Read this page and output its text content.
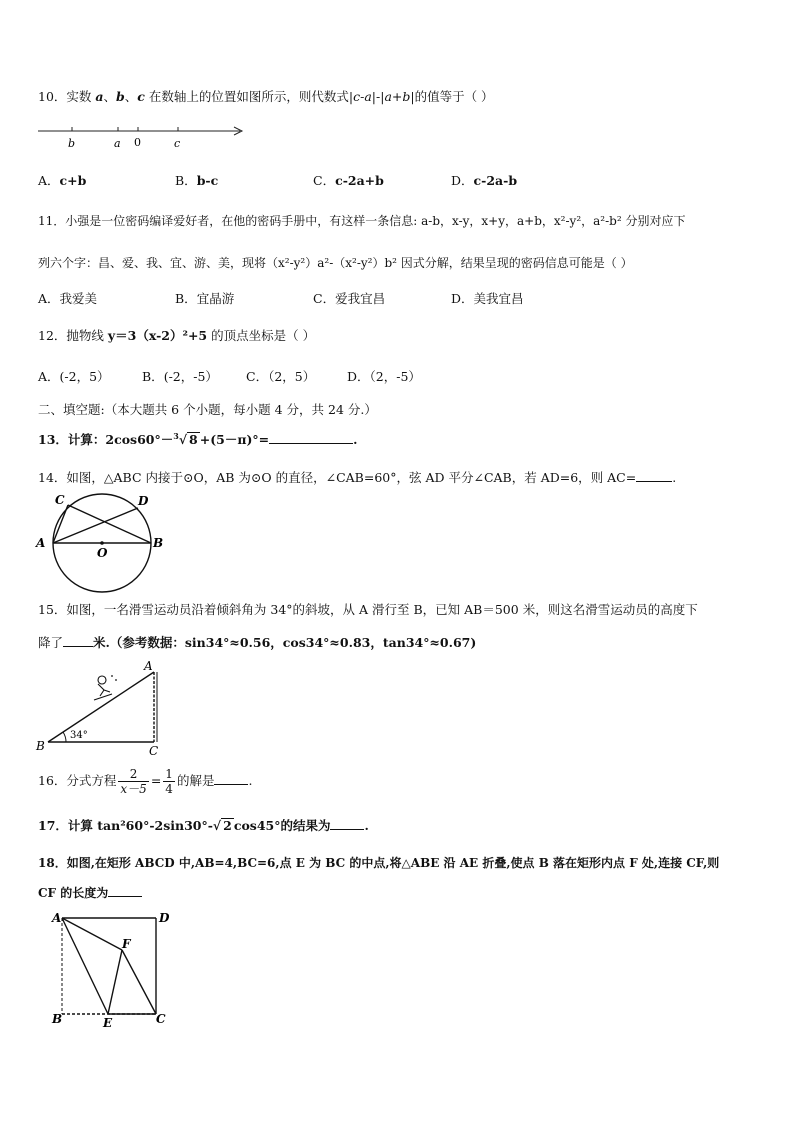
10．实数 a、b、c 在数轴上的位置如图所示，则代数式|c-a|-|a+b|的值等于（ ）
b	a 0	c
A．c+b	B．b-c	C．c-2a+b	D．c-2a-b
11．小强是一位密码编译爱好者，在他的密码手册中，有这样一条信息: a-b，x-y，x+y，a+b，x²-y²，a²-b² 分别对应下
列六个字：昌、爱、我、宜、游、美，现将（x²-y²）a²-（x²-y²）b² 因式分解，结果呈现的密码信息可能是（ ）
A．我爱美	B．宜晶游	C．爱我宜昌	D．美我宜昌
12．抛物线 y＝3（x-2）²+5 的顶点坐标是（ ）
A．(-2，5）	B．(-2，-5） C．（2，5）	D．（2，-5）
二、填空题:（本大题共 6 个小题，每小题 4 分，共 24 分.）
13．计算：2cos60°－$^3$√ 8 +(5－π)°=	.
14．如图，△ABC 内接于⊙O，AB 为⊙O 的直径，∠CAB=60°，弦 AD 平分∠CAB，若 AD=6，则 AC=	.
C	D
A
O
B
15．如图，一名滑雪运动员沿着倾斜角为 34°的斜坡，从 A 滑行至 B，已知 AB＝500 米，则这名滑雪运动员的高度下
降了 米.（参考数据：sin34°≈0.56，cos34°≈0.83，tan34°≈0.67)
A
B	C
34°
16．分式方程 $\frac{2}{x-5} = \frac{1}{4}$ 的解是	.
17．计算 tan²60°-2sin30°-√ 2 cos45°的结果为	.
18．如图,在矩形 ABCD 中,AB=4,BC=6,点 E 为 BC 的中点,将△ABE 沿 AE 折叠,使点 B 落在矩形内点 F 处,连接 CF,则
CF 的长度为
A	D
F
B	E	C
